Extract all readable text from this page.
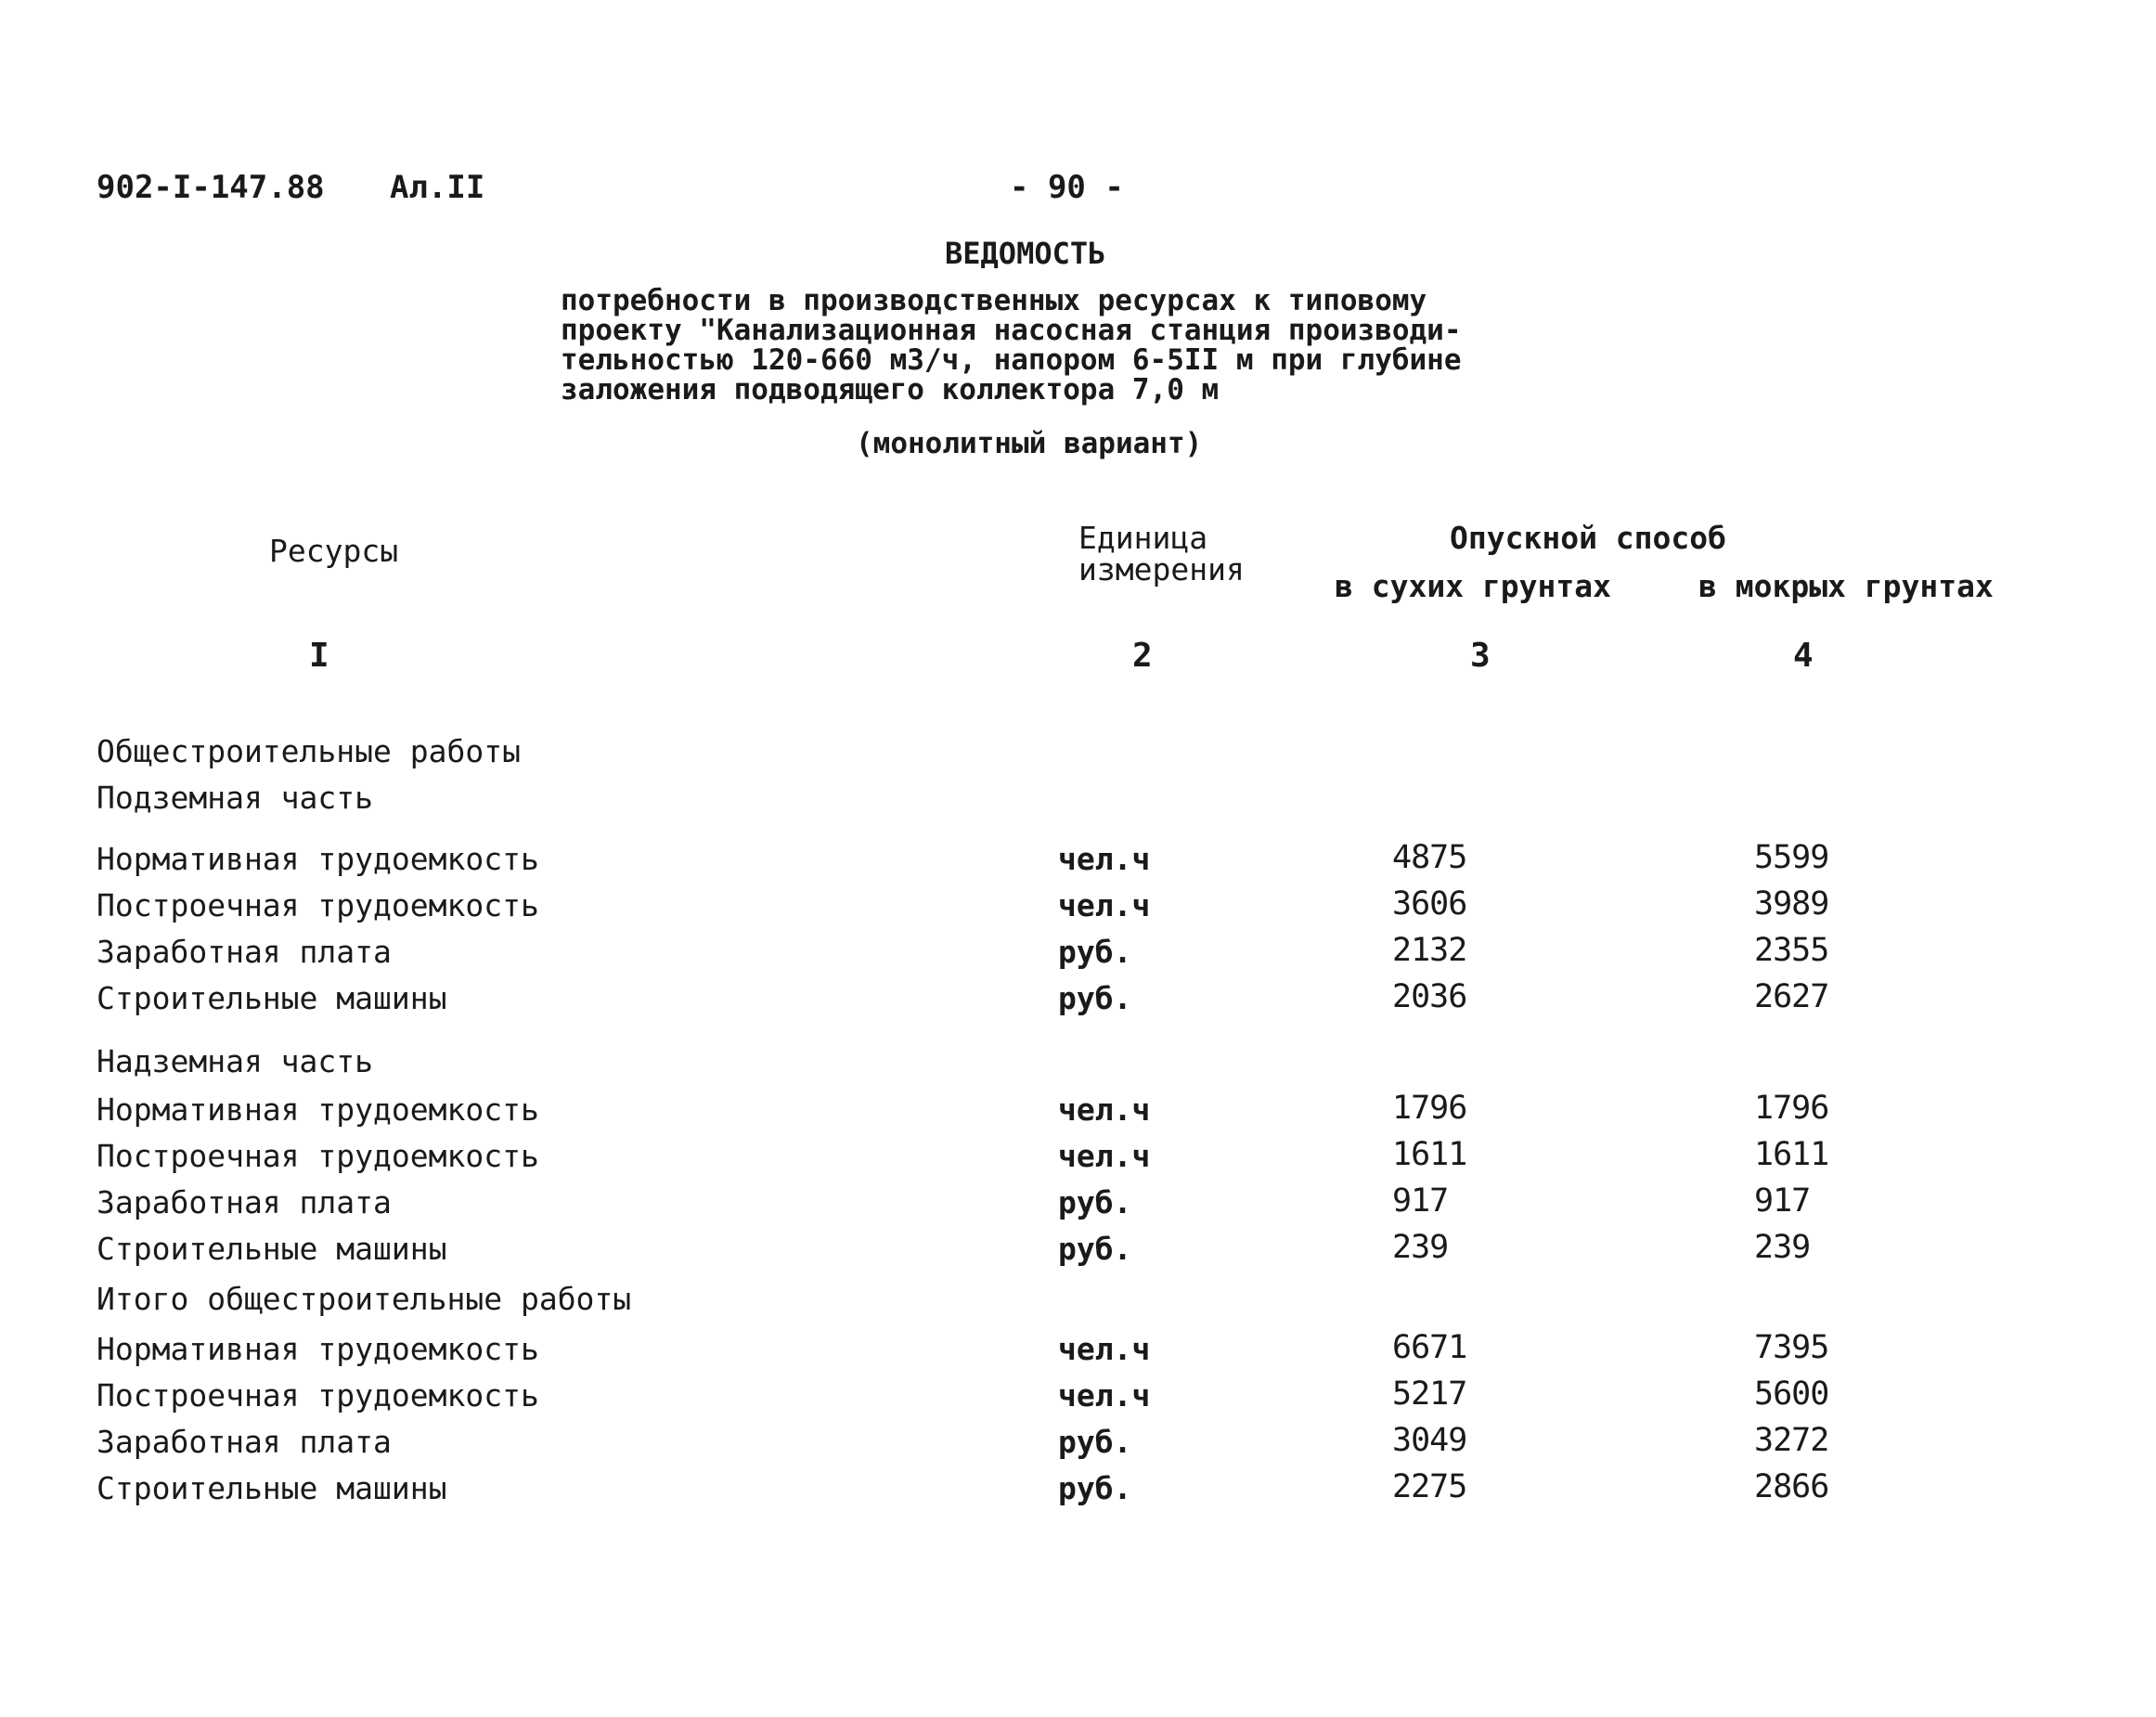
902-I-147.88 Ал.II	- 90 -
ВЕДОМОСТЬ
потребности в производственных ресурсах к типовому
проекту "Канализационная насосная станция производи-
тельностью 120-660 м3/ч, напором 6-5II м при глубине
заложения подводящего коллектора 7,0 м
(монолитный вариант)
Ресурсы	Единица
измерения
Опускной способ
в сухих грунтах	в мокрых грунтах
I	2	3	4
Общестроительные работы
Подземная часть
Нормативная трудоемкость	чел.ч	4875	5599
Построечная трудоемкость	чел.ч	3606	3989
Заработная плата	руб.	2132	2355
Строительные машины	руб.	2036	2627
Надземная часть
Нормативная трудоемкость	чел.ч	1796	1796
Построечная трудоемкость	чел.ч	1611	1611
Заработная плата	руб.	917	917
Строительные машины	руб.	239	239
Итого общестроительные работы
Нормативная трудоемкость	чел.ч	6671	7395
Построечная трудоемкость	чел.ч	5217	5600
Заработная плата	руб.	3049	3272
Строительные машины	руб.	2275	2866
